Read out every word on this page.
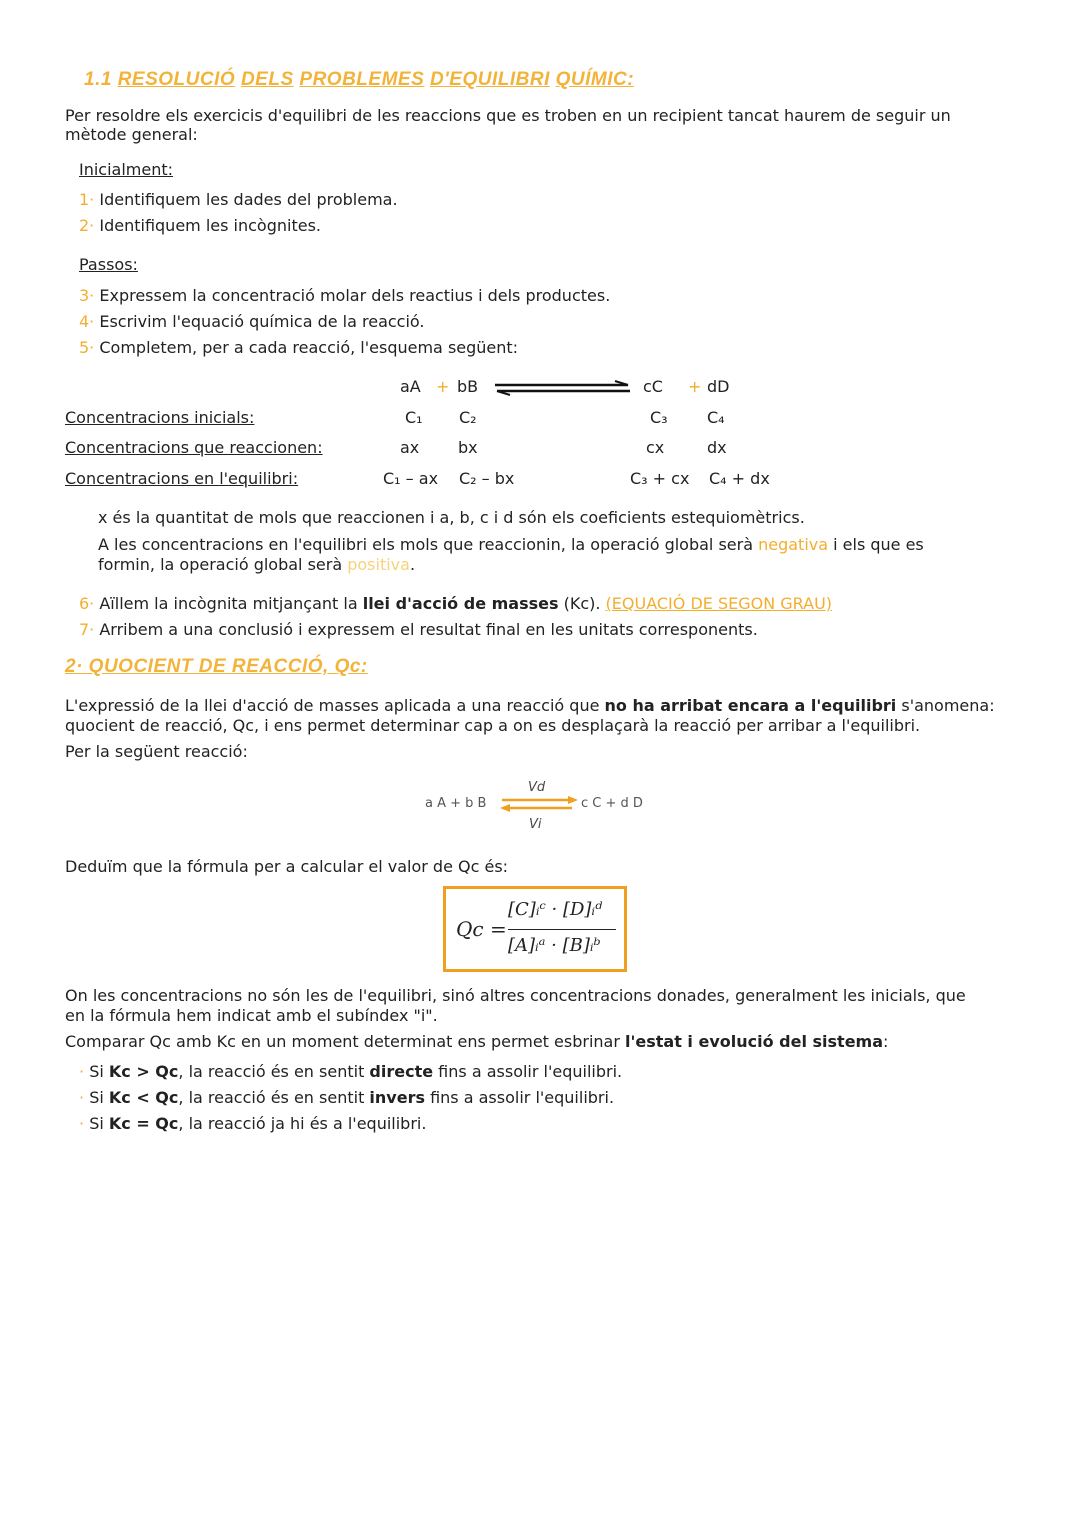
1.1 RESOLUCIÓ DELS PROBLEMES D'EQUILIBRI QUÍMIC:
Per resoldre els exercicis d'equilibri de les reaccions que es troben en un recipient tancat haurem de seguir un
mètode general:
Inicialment:
1· Identifiquem les dades del problema.
2· Identifiquem les incògnites.
Passos:
3· Expressem la concentració molar dels reactius i dels productes.
4· Escrivim l'equació química de la reacció.
5· Completem, per a cada reacció, l'esquema següent:
aA + bB	cC + dD
Concentracions inicials:	C₁ C₂	C₃ C₄
Concentracions que reaccionen:	ax bx	cx	dx
Concentracions en l'equilibri:	C₁ – ax C₂ – bx	C₃ + cx C₄ + dx
x és la quantitat de mols que reaccionen i a, b, c i d són els coeficients estequiomètrics.
A les concentracions en l'equilibri els mols que reaccionin, la operació global serà negativa i els que es
formin, la operació global serà positiva.
6· Aïllem la incògnita mitjançant la llei d'acció de masses (Kc). (EQUACIÓ DE SEGON GRAU)
7· Arribem a una conclusió i expressem el resultat final en les unitats corresponents.
2· QUOCIENT DE REACCIÓ, Qc:
L'expressió de la llei d'acció de masses aplicada a una reacció que no ha arribat encara a l'equilibri s'anomena:
quocient de reacció, Qc, i ens permet determinar cap a on es desplaçarà la reacció per arribar a l'equilibri.
Per la següent reacció:
a A + b B	c C + d D
Vd
Vi
Deduïm que la fórmula per a calcular el valor de Qc és:
Qc =
[C]ᵢᶜ · [D]ᵢᵈ
[A]ᵢᵃ · [B]ᵢᵇ
On les concentracions no són les de l'equilibri, sinó altres concentracions donades, generalment les inicials, que
en la fórmula hem indicat amb el subíndex "i".
Comparar Qc amb Kc en un moment determinat ens permet esbrinar l'estat i evolució del sistema:
· Si Kc > Qc, la reacció és en sentit directe fins a assolir l'equilibri.
· Si Kc < Qc, la reacció és en sentit invers fins a assolir l'equilibri.
· Si Kc = Qc, la reacció ja hi és a l'equilibri.
